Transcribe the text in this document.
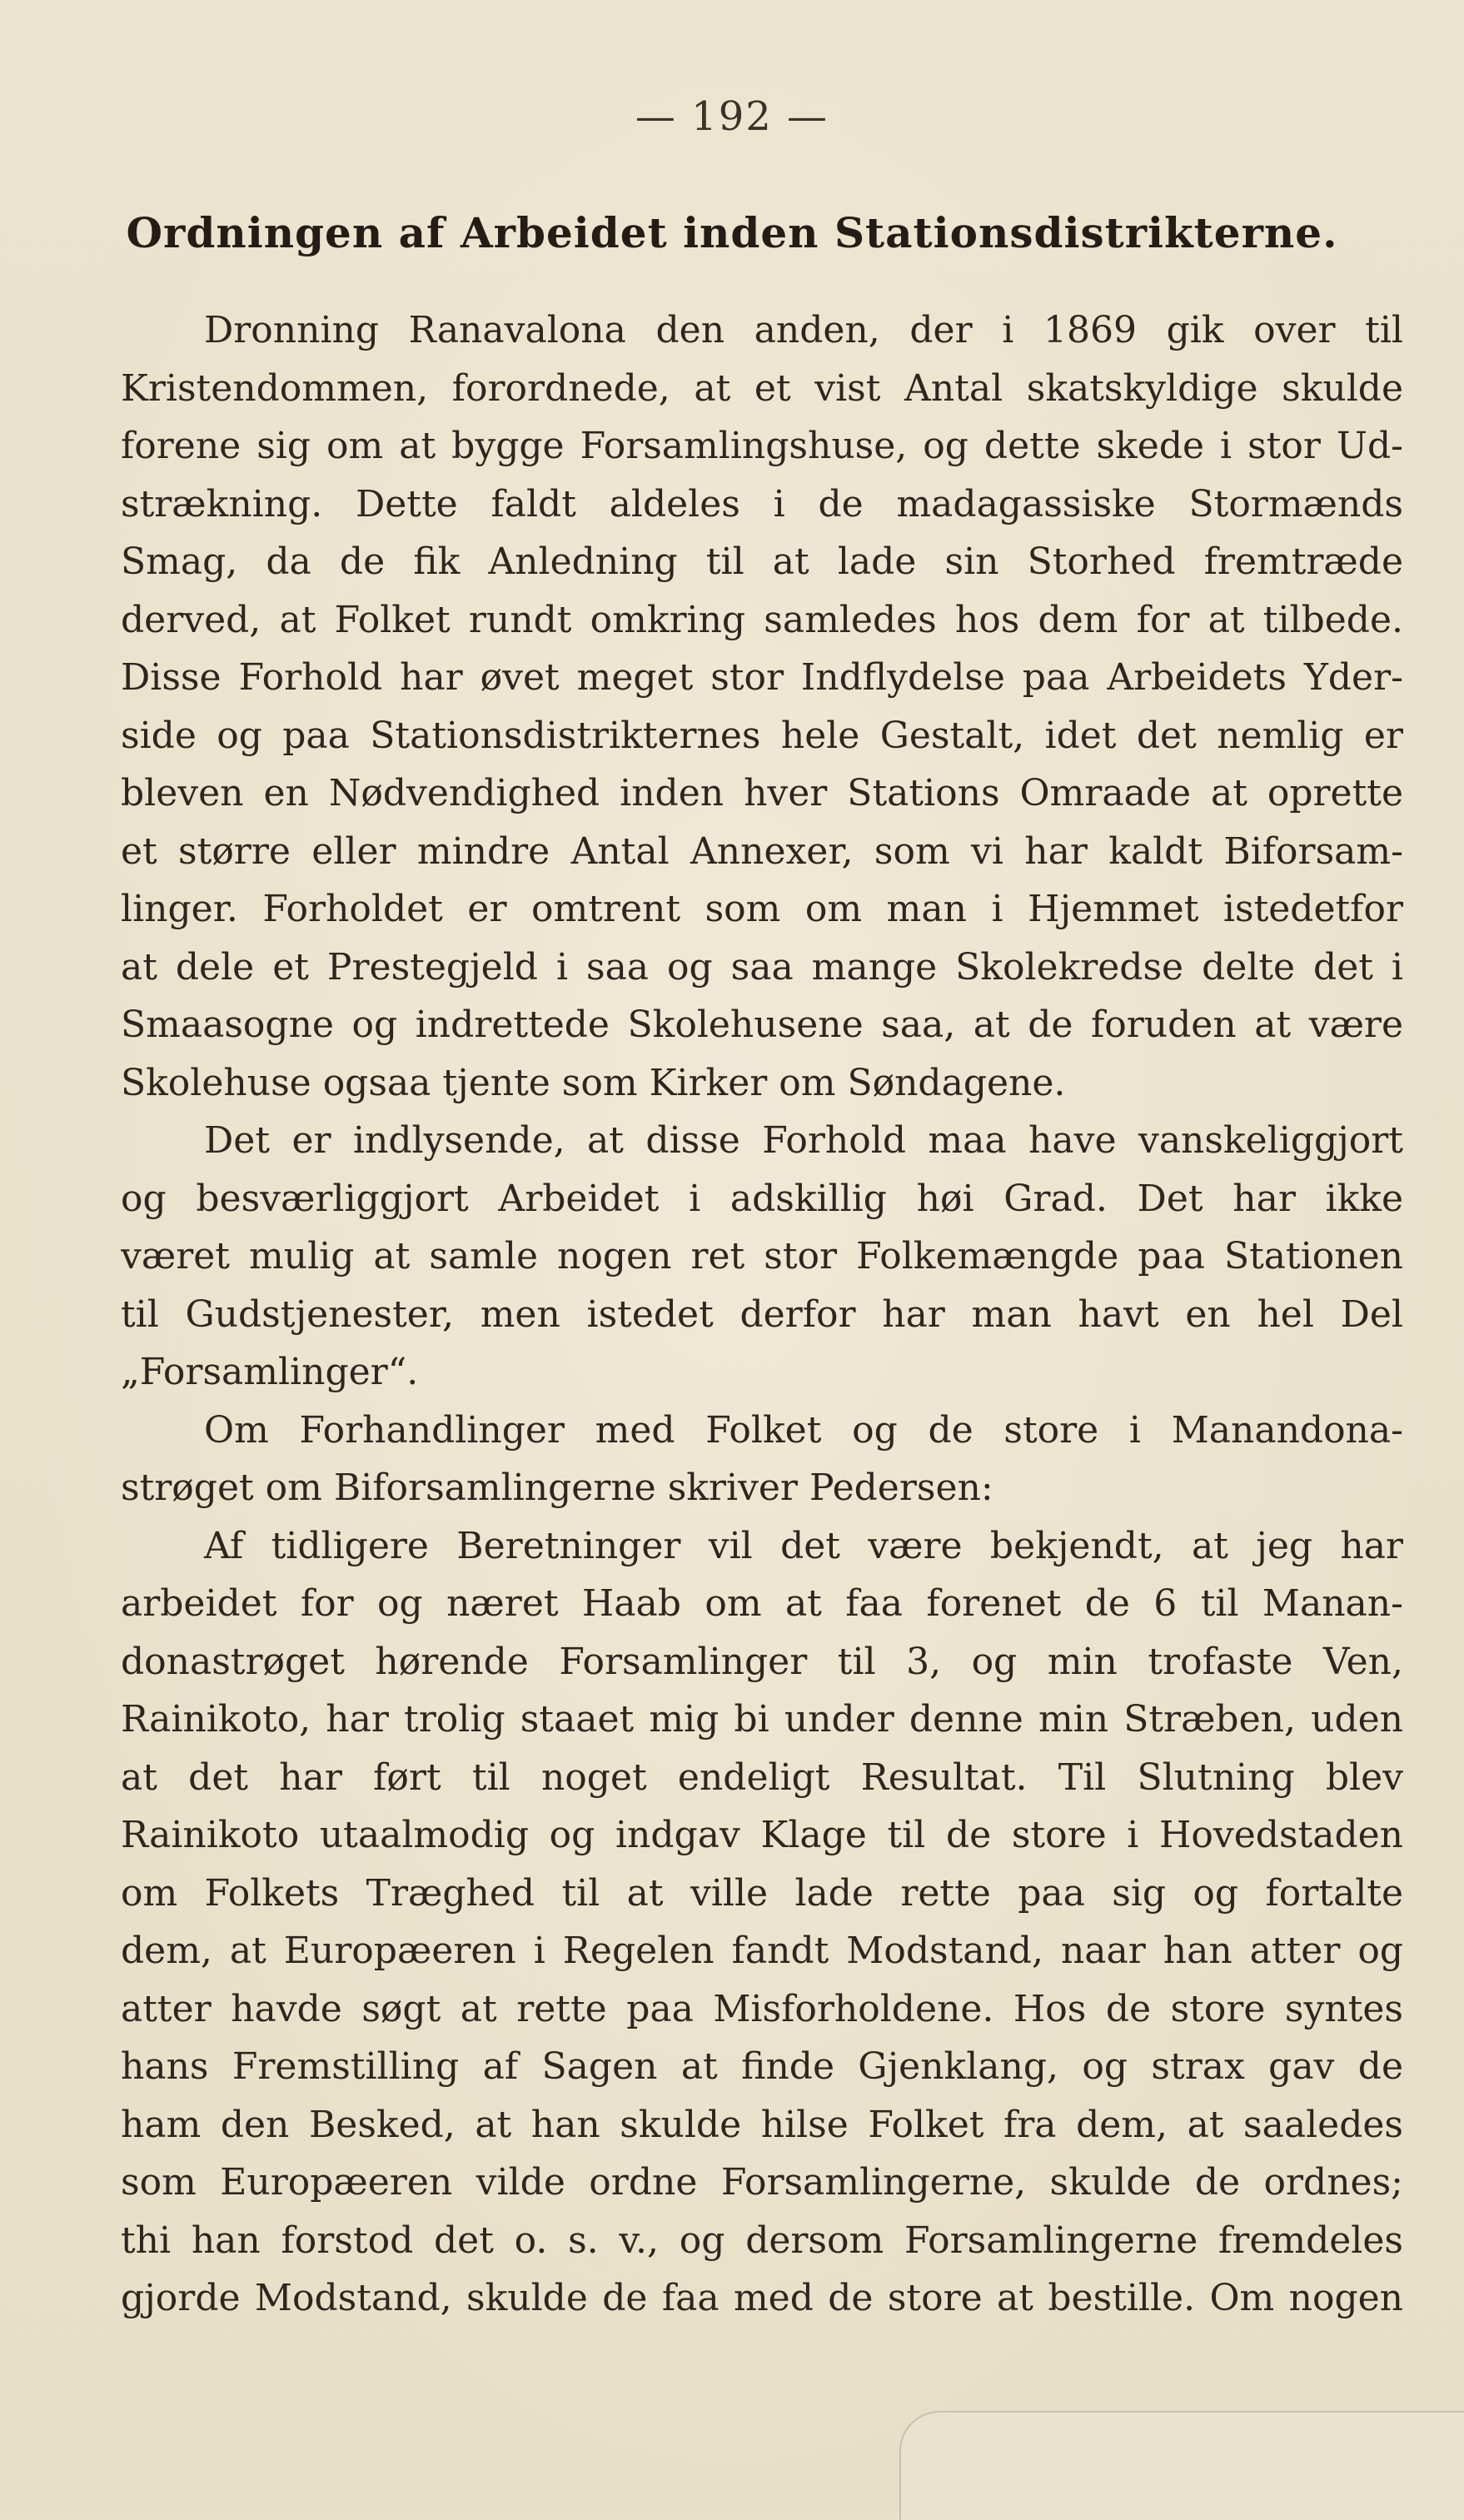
— 192 —
Ordningen af Arbeidet inden Stationsdistrikterne.
Dronning Ranavalona den anden, der i 1869 gik over til
Kristendommen, forordnede, at et vist Antal skatskyldige skulde
forene sig om at bygge Forsamlingshuse, og dette skede i stor Ud-
strækning. Dette faldt aldeles i de madagassiske Stormænds
Smag, da de fik Anledning til at lade sin Storhed fremtræde
derved, at Folket rundt omkring samledes hos dem for at tilbede.
Disse Forhold har øvet meget stor Indflydelse paa Arbeidets Yder-
side og paa Stationsdistrikternes hele Gestalt, idet det nemlig er
bleven en Nødvendighed inden hver Stations Omraade at oprette
et større eller mindre Antal Annexer, som vi har kaldt Biforsam-
linger. Forholdet er omtrent som om man i Hjemmet istedetfor
at dele et Prestegjeld i saa og saa mange Skolekredse delte det i
Smaasogne og indrettede Skolehusene saa, at de foruden at være
Skolehuse ogsaa tjente som Kirker om Søndagene.
Det er indlysende, at disse Forhold maa have vanskeliggjort
og besværliggjort Arbeidet i adskillig høi Grad. Det har ikke
været mulig at samle nogen ret stor Folkemængde paa Stationen
til Gudstjenester, men istedet derfor har man havt en hel Del
„Forsamlinger“.
Om Forhandlinger med Folket og de store i Manandona-
strøget om Biforsamlingerne skriver Pedersen:
Af tidligere Beretninger vil det være bekjendt, at jeg har
arbeidet for og næret Haab om at faa forenet de 6 til Manan-
donastrøget hørende Forsamlinger til 3, og min trofaste Ven,
Rainikoto, har trolig staaet mig bi under denne min Stræben, uden
at det har ført til noget endeligt Resultat. Til Slutning blev
Rainikoto utaalmodig og indgav Klage til de store i Hovedstaden
om Folkets Træghed til at ville lade rette paa sig og fortalte
dem, at Europæeren i Regelen fandt Modstand, naar han atter og
atter havde søgt at rette paa Misforholdene. Hos de store syntes
hans Fremstilling af Sagen at finde Gjenklang, og strax gav de
ham den Besked, at han skulde hilse Folket fra dem, at saaledes
som Europæeren vilde ordne Forsamlingerne, skulde de ordnes;
thi han forstod det o. s. v., og dersom Forsamlingerne fremdeles
gjorde Modstand, skulde de faa med de store at bestille. Om nogen
